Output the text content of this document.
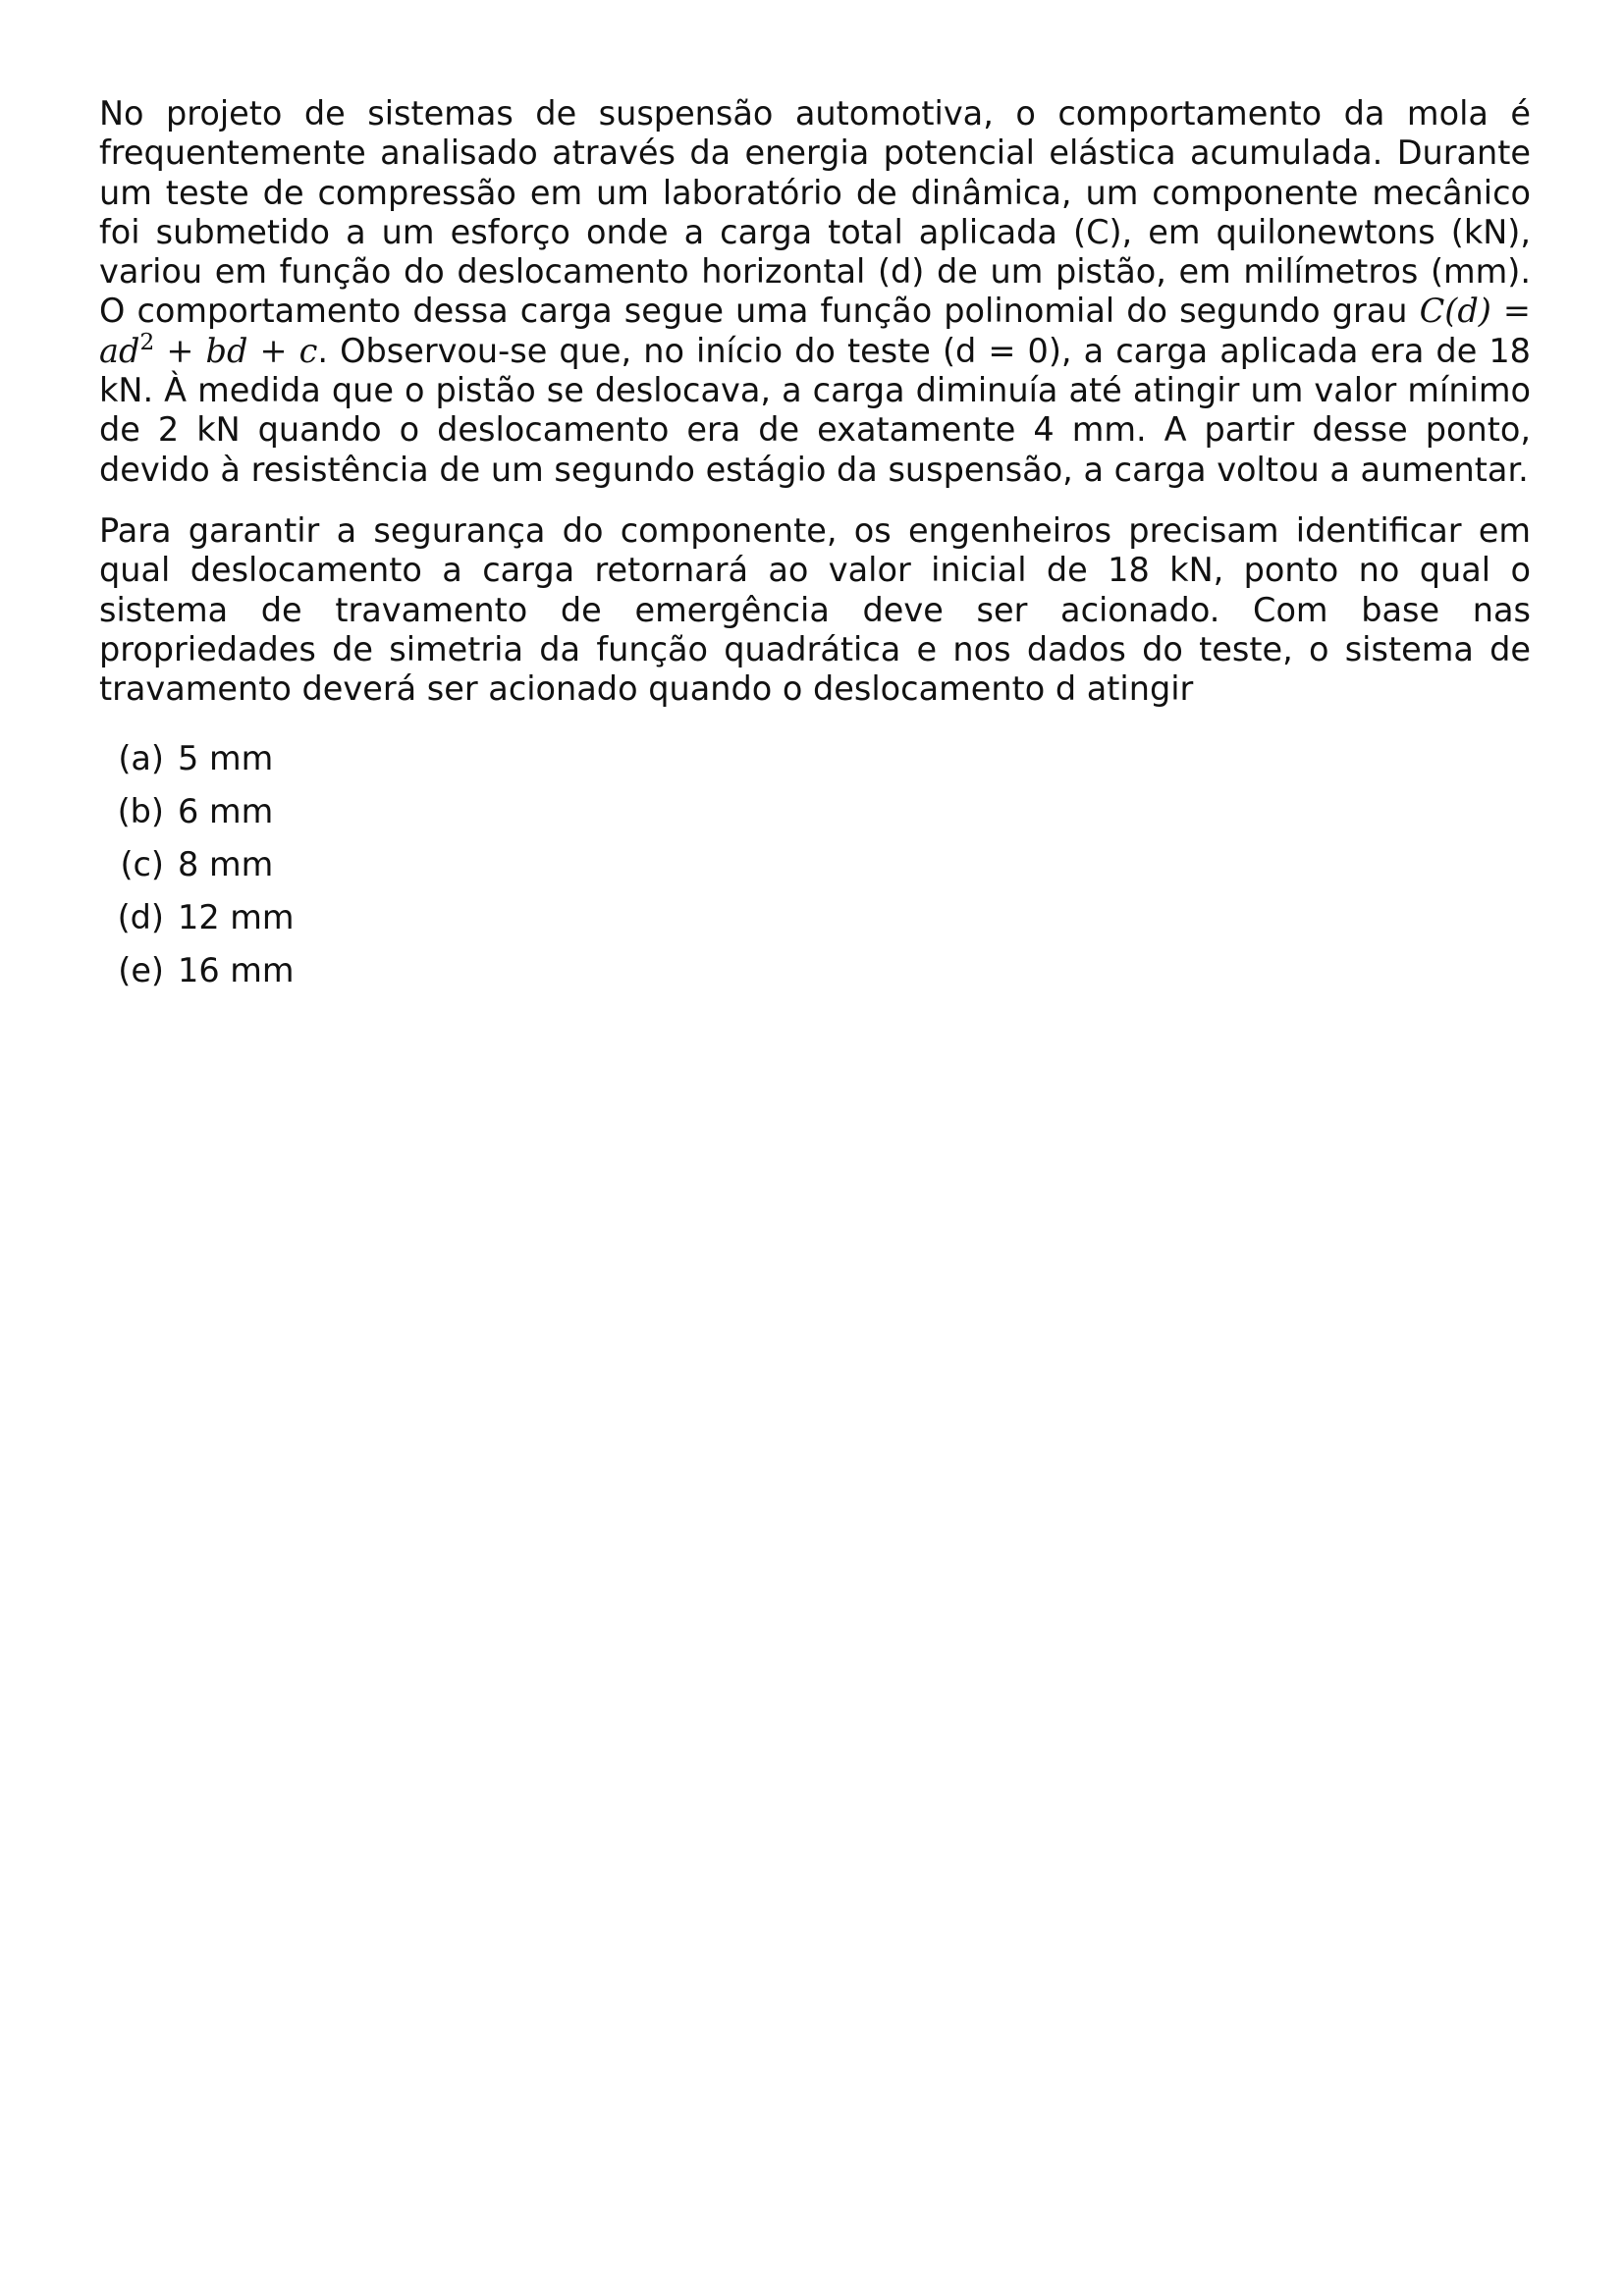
No projeto de sistemas de suspensão automotiva, o comportamento da mola é frequentemente analisado através da energia potencial elástica acumulada. Durante um teste de compressão em um laboratório de dinâmica, um componente mecânico foi submetido a um esforço onde a carga total aplicada (C), em quilonewtons (kN), variou em função do deslocamento horizontal (d) de um pistão, em milímetros (mm). O comportamento dessa carga segue uma função polinomial do segundo grau $C(d) = ad^2$ + bd + c. Observou-se que, no início do teste (d = 0), a carga aplicada era de 18 kN. À medida que o pistão se deslocava, a carga diminuía até atingir um valor mínimo de 2 kN quando o deslocamento era de exatamente 4 mm. A partir desse ponto, devido à resistência de um segundo estágio da suspensão, a carga voltou a aumentar.

Para garantir a segurança do componente, os engenheiros precisam identificar em qual deslocamento a carga retornará ao valor inicial de 18 kN, ponto no qual o sistema de travamento de emergência deve ser acionado. Com base nas propriedades de simetria da função quadrática e nos dados do teste, o sistema de travamento deverá ser acionado quando o deslocamento d atingir

(a) 5 mm
(b) 6 mm
(c) 8 mm
(d) 12 mm
(e) 16 mm
